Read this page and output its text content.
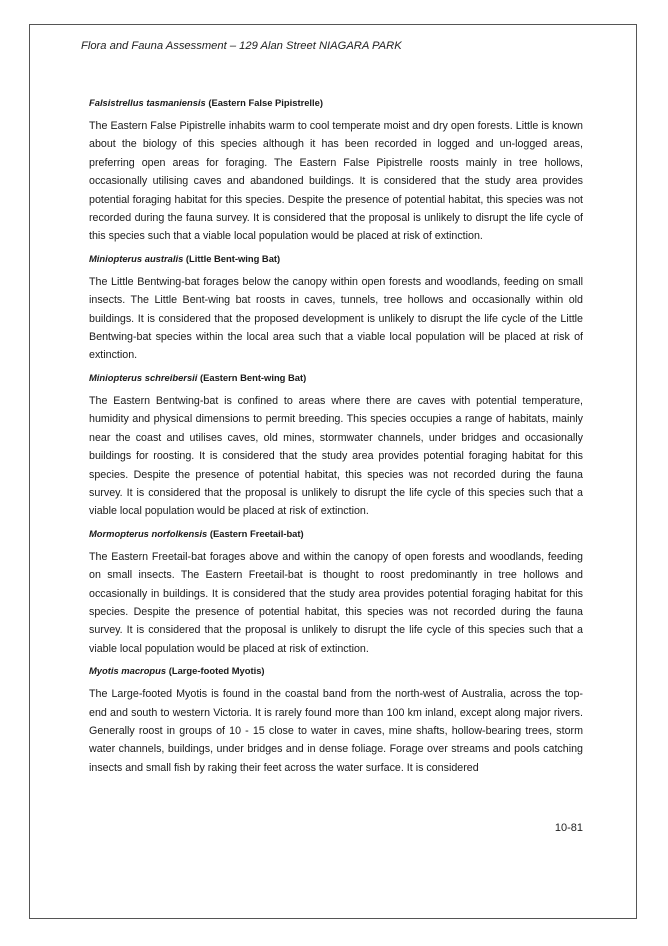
Flora and Fauna Assessment – 129 Alan Street NIAGARA PARK

Falsistrellus tasmaniensis (Eastern False Pipistrelle)

The Eastern False Pipistrelle inhabits warm to cool temperate moist and dry open forests. Little is known about the biology of this species although it has been recorded in logged and un-logged areas, preferring open areas for foraging. The Eastern False Pipistrelle roosts mainly in tree hollows, occasionally utilising caves and abandoned buildings. It is considered that the study area provides potential foraging habitat for this species. Despite the presence of potential habitat, this species was not recorded during the fauna survey. It is considered that the proposal is unlikely to disrupt the life cycle of this species such that a viable local population would be placed at risk of extinction.

Miniopterus australis (Little Bent-wing Bat)

The Little Bentwing-bat forages below the canopy within open forests and woodlands, feeding on small insects. The Little Bent-wing bat roosts in caves, tunnels, tree hollows and occasionally within old buildings. It is considered that the proposed development is unlikely to disrupt the life cycle of the Little Bentwing-bat species within the local area such that a viable local population will be placed at risk of extinction.

Miniopterus schreibersii (Eastern Bent-wing Bat)

The Eastern Bentwing-bat is confined to areas where there are caves with potential temperature, humidity and physical dimensions to permit breeding. This species occupies a range of habitats, mainly near the coast and utilises caves, old mines, stormwater channels, under bridges and occasionally buildings for roosting. It is considered that the study area provides potential foraging habitat for this species. Despite the presence of potential habitat, this species was not recorded during the fauna survey. It is considered that the proposal is unlikely to disrupt the life cycle of this species such that a viable local population would be placed at risk of extinction.

Mormopterus norfolkensis (Eastern Freetail-bat)

The Eastern Freetail-bat forages above and within the canopy of open forests and woodlands, feeding on small insects. The Eastern Freetail-bat is thought to roost predominantly in tree hollows and occasionally in buildings. It is considered that the study area provides potential foraging habitat for this species. Despite the presence of potential habitat, this species was not recorded during the fauna survey. It is considered that the proposal is unlikely to disrupt the life cycle of this species such that a viable local population would be placed at risk of extinction.

Myotis macropus (Large-footed Myotis)

The Large-footed Myotis is found in the coastal band from the north-west of Australia, across the top-end and south to western Victoria. It is rarely found more than 100 km inland, except along major rivers. Generally roost in groups of 10 - 15 close to water in caves, mine shafts, hollow-bearing trees, storm water channels, buildings, under bridges and in dense foliage. Forage over streams and pools catching insects and small fish by raking their feet across the water surface. It is considered

10-81
